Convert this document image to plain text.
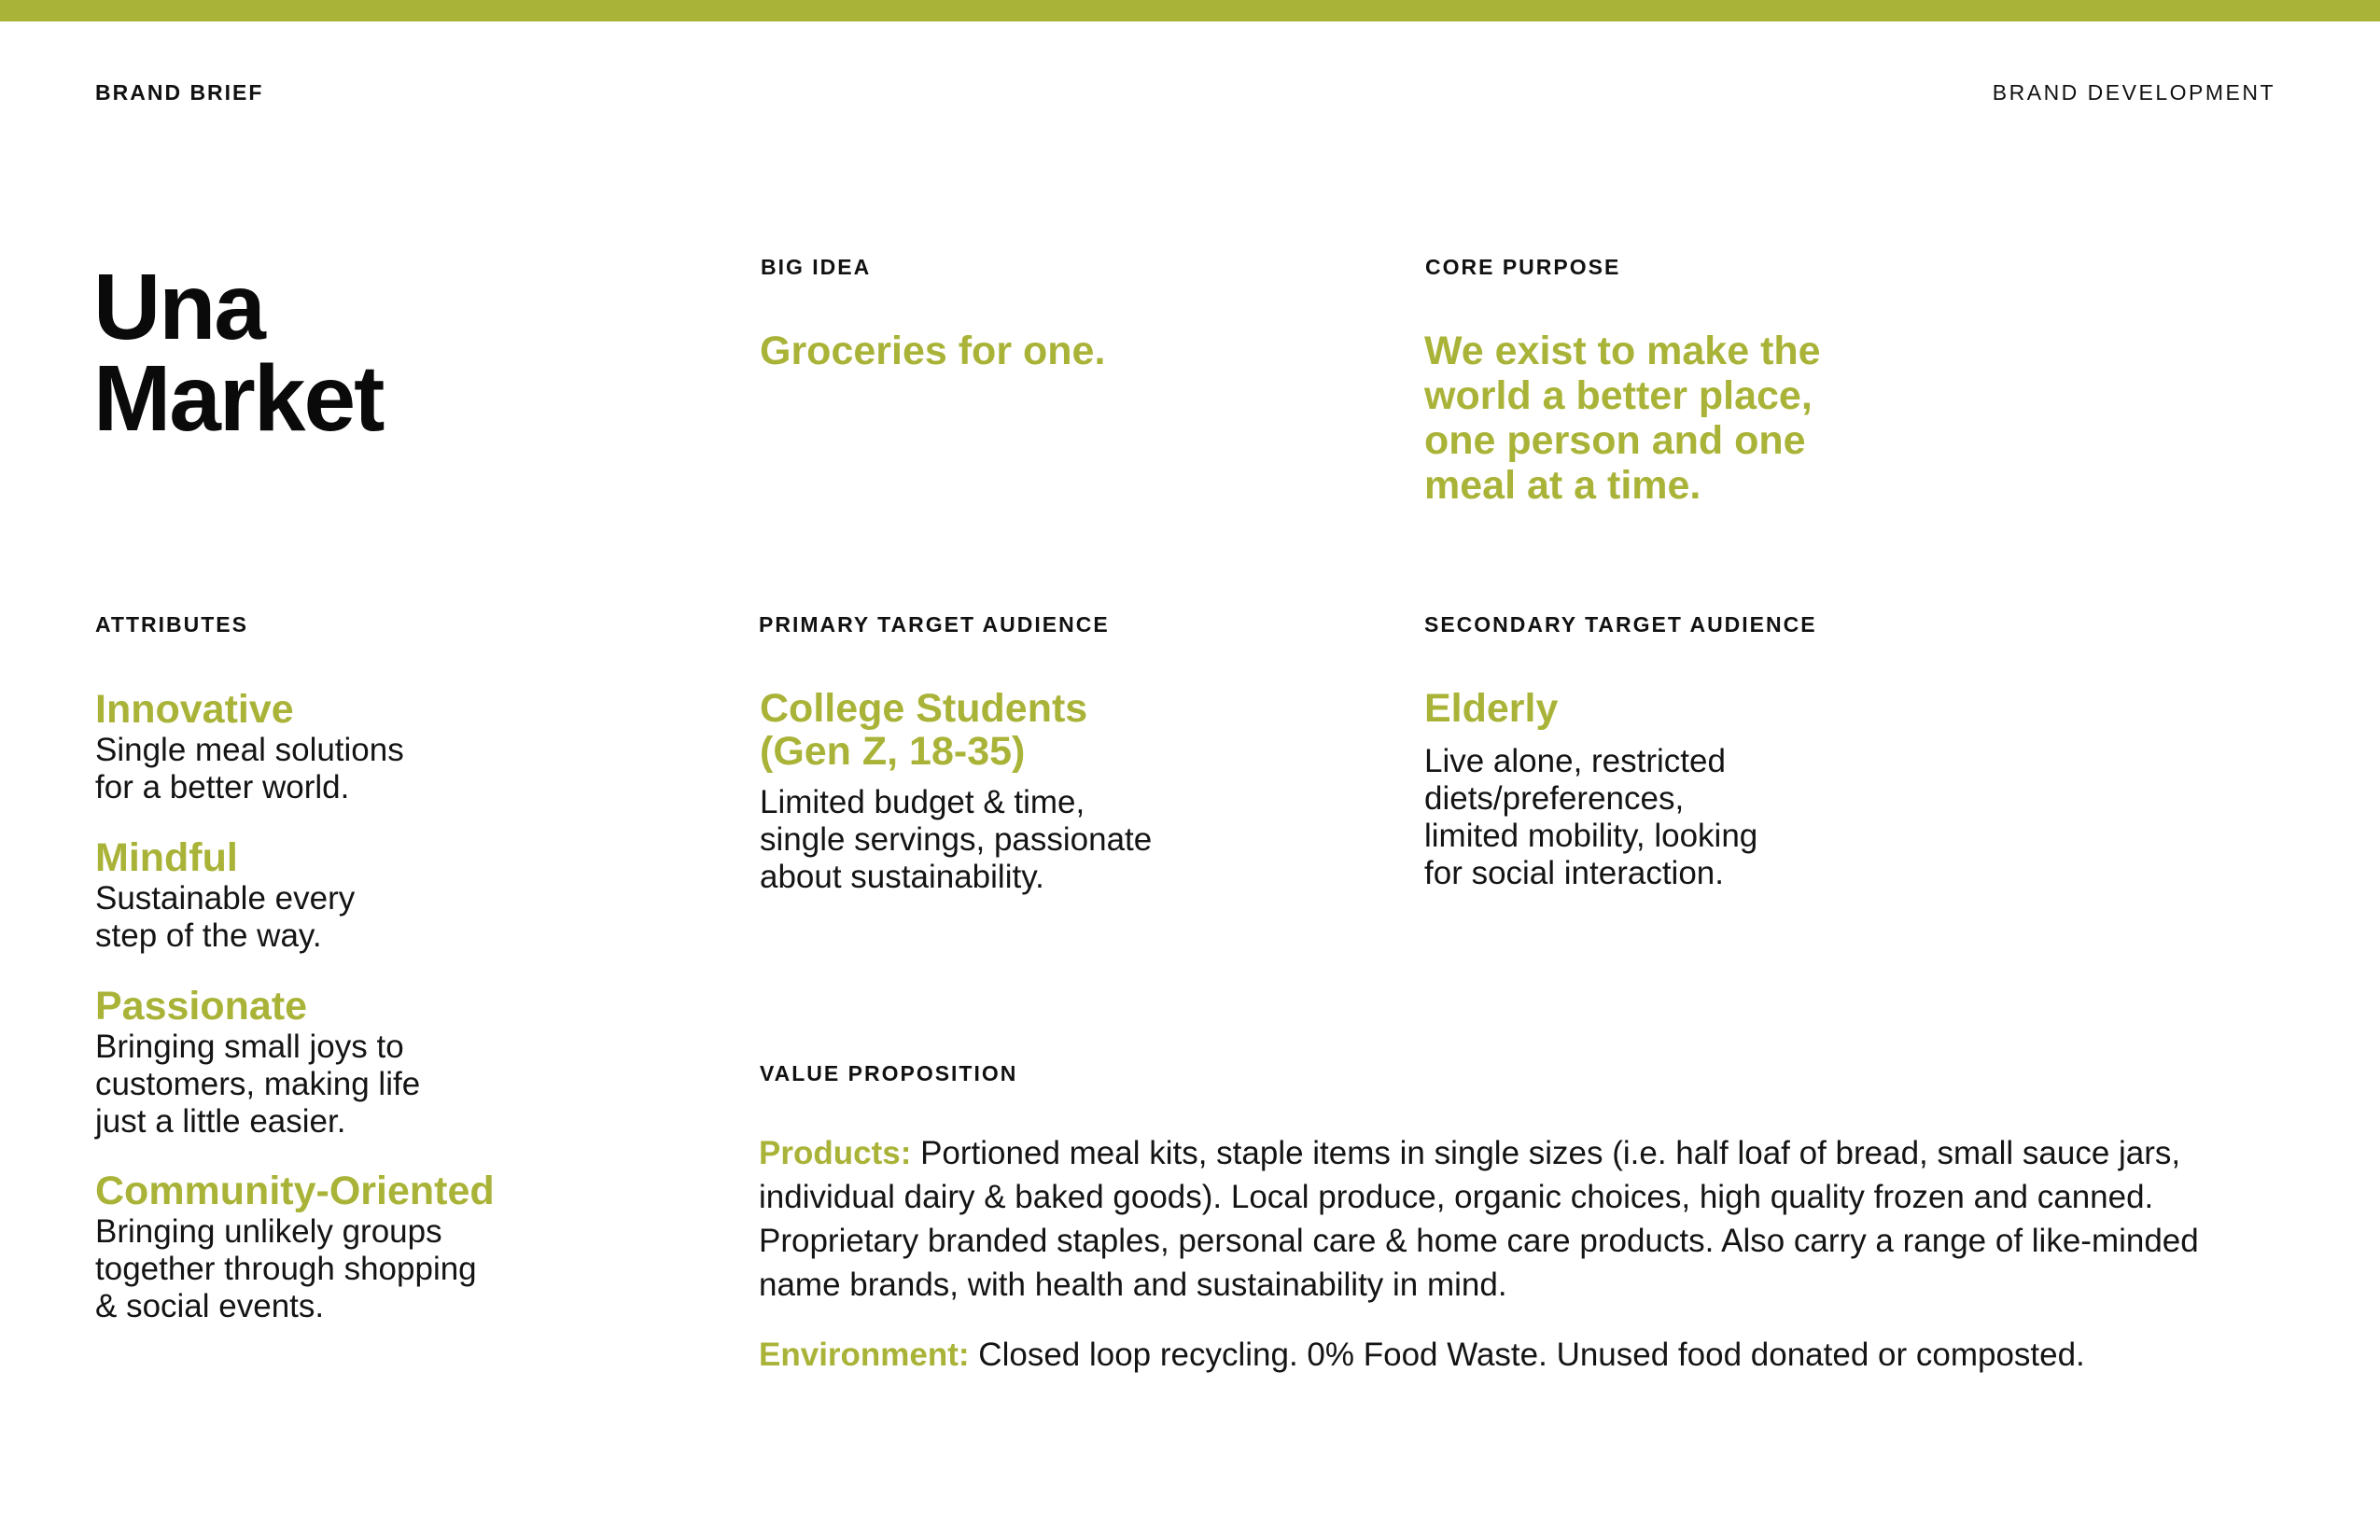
BRAND BRIEF	BRAND DEVELOPMENT
Una
Market
BIG IDEA
Groceries for one.
CORE PURPOSE
We exist to make the
world a better place,
one person and one
meal at a time.
ATTRIBUTES
Innovative
Single meal solutions
for a better world.
Mindful
Sustainable every
step of the way.
Passionate
Bringing small joys to
customers, making life
just a little easier.
Community-Oriented
Bringing unlikely groups
together through shopping
& social events.
PRIMARY TARGET AUDIENCE
College Students
(Gen Z, 18-35)
Limited budget & time,
single servings, passionate
about sustainability.
SECONDARY TARGET AUDIENCE
Elderly
Live alone, restricted
diets/preferences,
limited mobility, looking
for social interaction.
VALUE PROPOSITION
Products: Portioned meal kits, staple items in single sizes (i.e. half loaf of bread, small sauce jars, individual dairy & baked goods). Local produce, organic choices, high quality frozen and canned. Proprietary branded staples, personal care & home care products. Also carry a range of like-minded name brands, with health and sustainability in mind.
Environment: Closed loop recycling. 0% Food Waste. Unused food donated or composted.
